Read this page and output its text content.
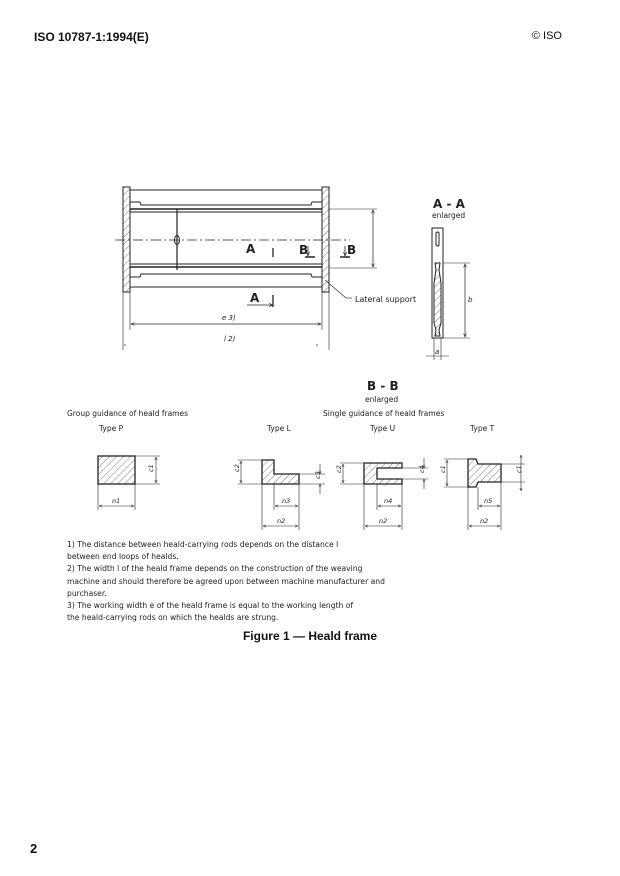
ISO 10787-1:1994(E)	© ISO
A
A
B	B
Lateral support
e 3)
l 2)
A - A
enlarged
b
a
B - B
enlarged
Group guidance of heald frames	Single guidance of heald frames
Type P	Type L	Type U	Type T
c1
n1
c2
c3
n3
n2
c2	c4
n4
n2
c1	c1
n5
n2
1) The distance between heald-carrying rods depends on the distance l
between end loops of healds.
2) The width l of the heald frame depends on the construction of the weaving
machine and should therefore be agreed upon between machine manufacturer and
purchaser.
3) The working width e of the heald frame is equal to the working length of
the heald-carrying rods on which the healds are strung.
Figure 1 — Heald frame
2
